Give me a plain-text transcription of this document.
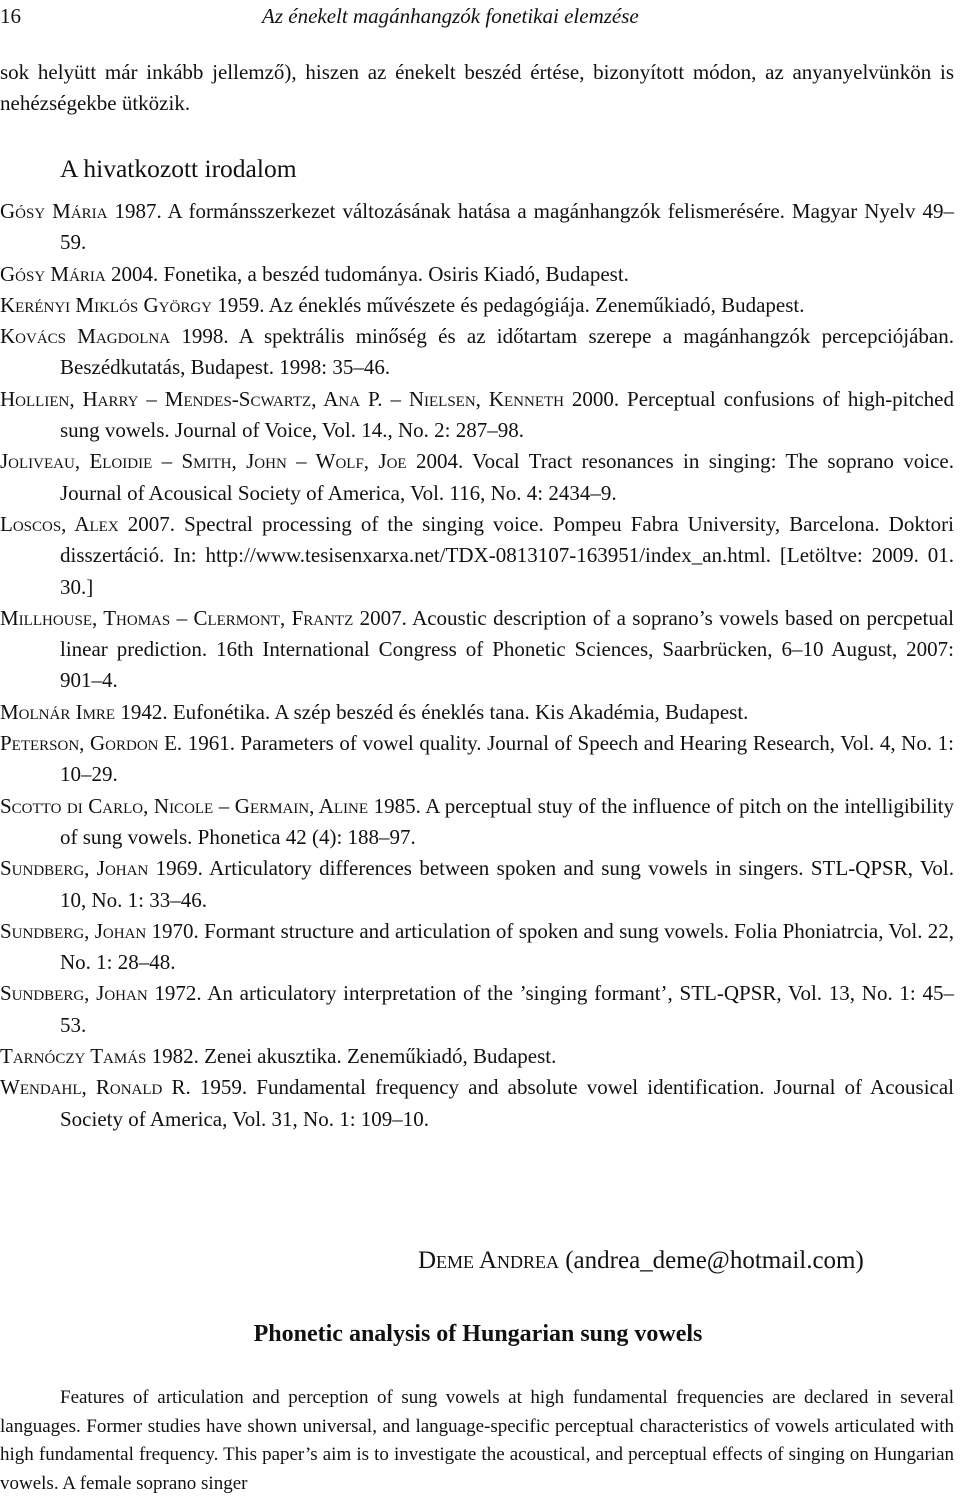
16	Az énekelt magánhangzók fonetikai elemzése
sok helyütt már inkább jellemző), hiszen az énekelt beszéd értése, bizonyított módon, az anyanyelvünkön is nehézségekbe ütközik.
A hivatkozott irodalom
Gósy Mária 1987. A formánsszerkezet változásának hatása a magánhangzók felismerésére. Magyar Nyelv 49–59.
Gósy Mária 2004. Fonetika, a beszéd tudománya. Osiris Kiadó, Budapest.
Kerényi Miklós György 1959. Az éneklés művészete és pedagógiája. Zeneműkiadó, Budapest.
Kovács Magdolna 1998. A spektrális minőség és az időtartam szerepe a magánhangzók percepciójában. Beszédkutatás, Budapest. 1998: 35–46.
Hollien, Harry – Mendes-Scwartz, Ana P. – Nielsen, Kenneth 2000. Perceptual confusions of high-pitched sung vowels. Journal of Voice, Vol. 14., No. 2: 287–98.
Joliveau, Eloidie – Smith, John – Wolf, Joe 2004. Vocal Tract resonances in singing: The soprano voice. Journal of Acousical Society of America, Vol. 116, No. 4: 2434–9.
Loscos, Alex 2007. Spectral processing of the singing voice. Pompeu Fabra University, Barcelona. Doktori disszertáció. In: http://www.tesisenxarxa.net/TDX-0813107-163951/index_an.html. [Letöltve: 2009. 01. 30.]
Millhouse, Thomas – Clermont, Frantz 2007. Acoustic description of a soprano’s vowels based on percpetual linear prediction. 16th International Congress of Phonetic Sciences, Saarbrücken, 6–10 August, 2007: 901–4.
Molnár Imre 1942. Eufonétika. A szép beszéd és éneklés tana. Kis Akadémia, Budapest.
Peterson, Gordon E. 1961. Parameters of vowel quality. Journal of Speech and Hearing Research, Vol. 4, No. 1: 10–29.
Scotto di Carlo, Nicole – Germain, Aline 1985. A perceptual stuy of the influence of pitch on the intelligibility of sung vowels. Phonetica 42 (4): 188–97.
Sundberg, Johan 1969. Articulatory differences between spoken and sung vowels in singers. STL-QPSR, Vol. 10, No. 1: 33–46.
Sundberg, Johan 1970. Formant structure and articulation of spoken and sung vowels. Folia Phoniatrcia, Vol. 22, No. 1: 28–48.
Sundberg, Johan 1972. An articulatory interpretation of the ’singing formant’, STL-QPSR, Vol. 13, No. 1: 45–53.
Tarnóczy Tamás 1982. Zenei akusztika. Zeneműkiadó, Budapest.
Wendahl, Ronald R. 1959. Fundamental frequency and absolute vowel identification. Journal of Acousical Society of America, Vol. 31, No. 1: 109–10.
Deme Andrea (andrea_deme@hotmail.com)
Phonetic analysis of Hungarian sung vowels
Features of articulation and perception of sung vowels at high fundamental frequencies are declared in several languages. Former studies have shown universal, and language-specific perceptual characteristics of vowels articulated with high fundamental frequency. This paper’s aim is to investigate the acoustical, and perceptual effects of singing on Hungarian vowels. A female soprano singer
